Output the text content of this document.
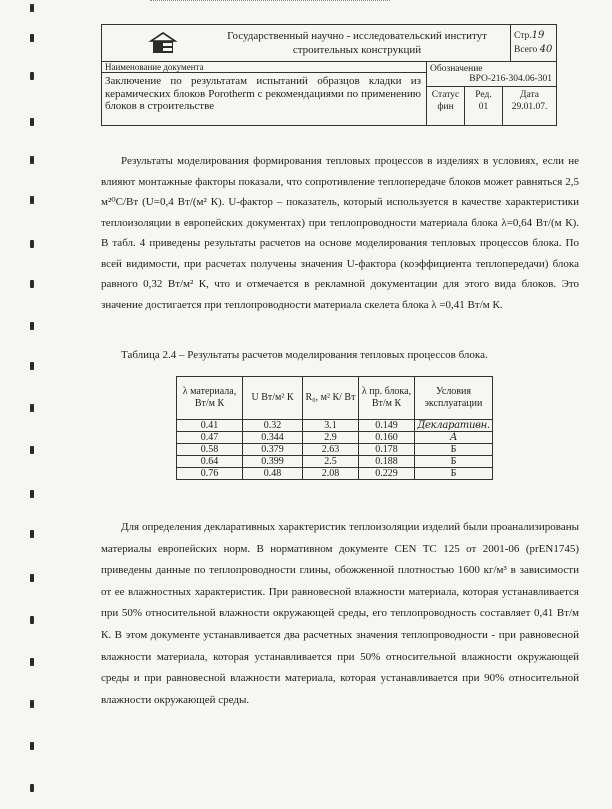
Государственный научно - исследовательский институт строительных конструкций
Стр.19
Всего 40
Наименование документа
Заключение по результатам испытаний образцов кладки из керамических блоков Porotherm с рекомендациями по применению блоков в строительстве
Обозначение
ВРО-216-304.06-301
Статус
фин
Ред.
01
Дата
29.01.07.
Результаты моделирования формирования тепловых процессов в изделиях в условиях, если не влияют монтажные факторы показали, что сопротивление теплопередаче блоков может равняться 2,5 м²⁰С/Вт (U=0,4 Вт/(м² К). U-фактор – показатель, который используется в качестве характеристики теплоизоляции в европейских документах) при теплопроводности материала блока λ=0,64 Вт/(м К). В табл. 4 приведены результаты расчетов на основе моделирования тепловых процессов блока. По всей видимости, при расчетах получены значения U-фактора (коэффициента теплопередачи) блока равного 0,32 Вт/м² К, что и отмечается в рекламной документации для этого вида блоков. Это значение достигается при теплопроводности материала скелета блока λ =0,41 Вт/м К.
Таблица 2.4 – Результаты расчетов моделирования тепловых процессов блока.
λ материала, Вт/м К	U Вт/м² К	R₀, м² К/ Вт	λ пр. блока, Вт/м К	Условия эксплуатации
0.41	0.32	3.1	0.149	Декларативн.
0.47	0.344	2.9	0.160	А
0.58	0.379	2.63	0.178	Б
0.64	0.399	2.5	0.188	Б
0.76	0.48	2.08	0.229	Б
Для определения декларативных характеристик теплоизоляции изделий были проанализированы материалы европейских норм. В нормативном документе CEN TC 125 от 2001-06 (prEN1745) приведены данные по теплопроводности глины, обожженной плотностью 1600 кг/м³ в зависимости от ее влажностных характеристик. При равновесной влажности материала, которая устанавливается при 50% относительной влажности окружающей среды, его теплопроводность составляет 0,41 Вт/м К. В этом документе устанавливается два расчетных значения теплопроводности - при равновесной влажности материала, которая устанавливается при 50% относительной влажности окружающей среды и при равновесной влажности материала, которая устанавливается при 90% относительной влажности окружающей среды.
